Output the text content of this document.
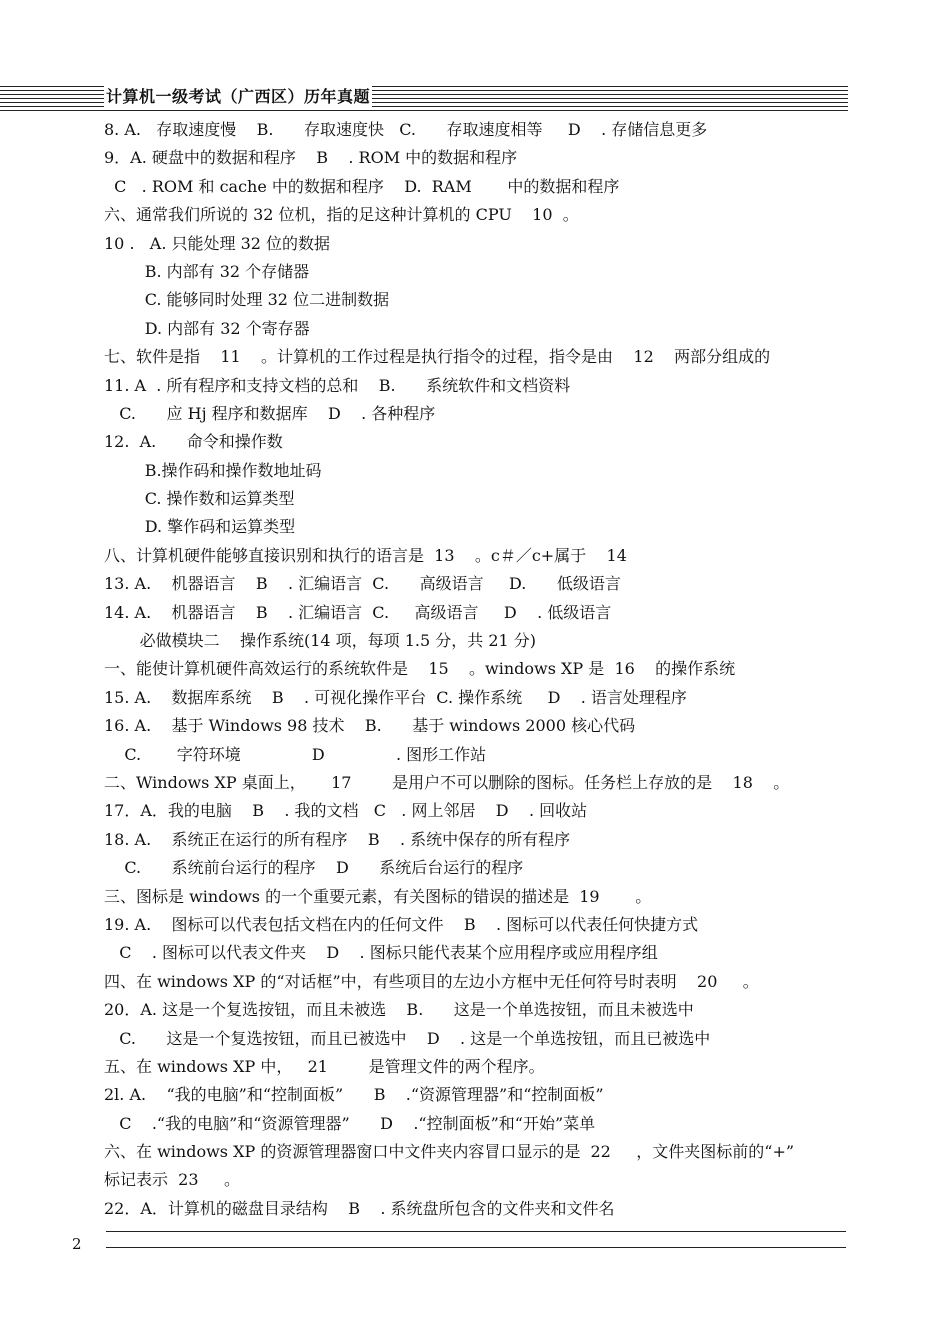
计算机一级考试（广西区）历年真题
8. A.   存取速度慢    B.      存取速度快   C.      存取速度相等     D    . 存储信息更多
9．A. 硬盘中的数据和程序    B    . ROM 中的数据和程序
C   . ROM 和 cache 中的数据和程序    D.  RAM       中的数据和程序
六、通常我们所说的 32 位机，指的足这种计算机的 CPU    10  。
10 .   A. 只能处理 32 位的数据
B. 内部有 32 个存储器
C. 能够同时处理 32 位二进制数据
D. 内部有 32 个寄存器
七、软件是指    11    。计算机的工作过程是执行指令的过程，指令是由    12    两部分组成的
11. A  . 所有程序和支持文档的总和    B.      系统软件和文档资料
C.      应 Hj 程序和数据库    D    . 各种程序
12.  A.      命令和操作数
B.操作码和操作数地址码
C. 操作数和运算类型
D. 擎作码和运算类型
八、计算机硬件能够直接识别和执行的语言是  13    。c＃／c+属于    14
13. A.    机器语言    B    . 汇编语言  C.      高级语言     D.      低级语言
14. A.    机器语言    B    . 汇编语言  C.     高级语言     D    . 低级语言
必做模块二    操作系统(14 项，每项 1.5 分，共 21 分)
一、能使计算机硬件高效运行的系统软件是    15    。windows XP 是  16    的操作系统
15. A.    数据库系统    B    . 可视化操作平台  C. 操作系统     D    . 语言处理程序
16. A.    基于 Windows 98 技术    B.      基于 windows 2000 核心代码
C.       字符环境              D              . 图形工作站
二、Windows XP 桌面上，     17        是用户不可以删除的图标。任务栏上存放的是    18    。
17．A．我的电脑    B    . 我的文档   C   . 网上邻居    D    . 回收站
18. A.    系统正在运行的所有程序    B    . 系统中保存的所有程序
C.      系统前台运行的程序    D      系统后台运行的程序
三、图标是 windows 的一个重要元素，有关图标的错误的描述是  19       。
19. A.    图标可以代表包括文档在内的任何文件    B    . 图标可以代表任何快捷方式
C    . 图标可以代表文件夹    D    . 图标只能代表某个应用程序或应用程序组
四、在 windows XP 的“对话框”中，有些项目的左边小方框中无任何符号时表明    20     。
20．A. 这是一个复选按钮，而且未被选    B.      这是一个单选按钮，而且未被选中
C.      这是一个复选按钮，而且已被选中    D    . 这是一个单选按钮，而且已被选中
五、在 windows XP 中，   21        是管理文件的两个程序。
2l. A.    “我的电脑”和“控制面板”      B    .“资源管理器”和“控制面板”
C    .“我的电脑”和“资源管理器”      D    .“控制面板”和“开始”菜单
六、在 windows XP 的资源管理器窗口中文件夹内容冒口显示的是  22     ，文件夹图标前的“+”
标记表示  23     。
22．A．计算机的磁盘目录结构    B    . 系统盘所包含的文件夹和文件名
2
